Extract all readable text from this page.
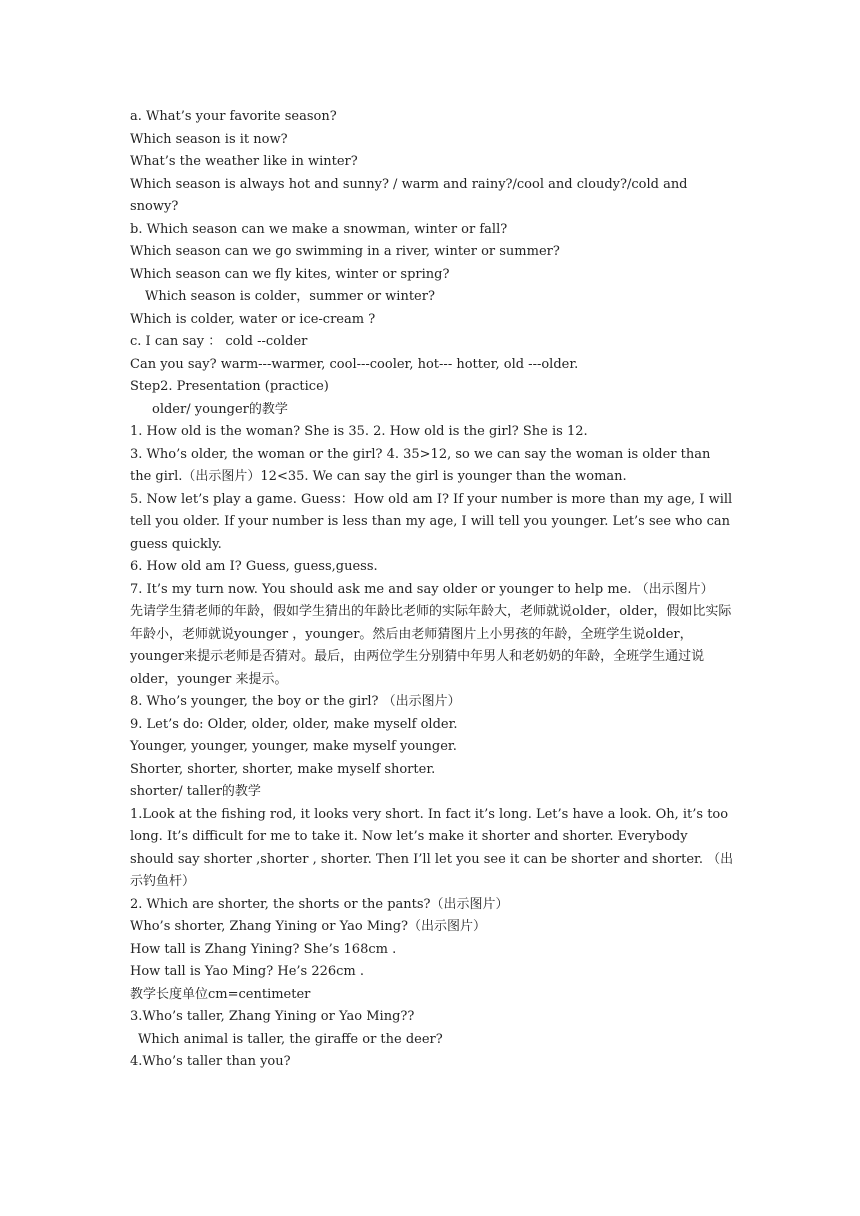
a. What’s your favorite season?

Which season is it now?

What’s the weather like in winter?

Which season is always hot and sunny? / warm and rainy?/cool and cloudy?/cold and snowy?

b. Which season can we make a snowman, winter or fall?

Which season can we go swimming in a river, winter or summer?

Which season can we fly kites, winter or spring?

Which season is colder，summer or winter?

Which is colder, water or ice-cream ?

c. I can say ： cold --colder

Can you say? warm---warmer, cool---cooler, hot--- hotter, old ---older.

Step2. Presentation (practice)

older/ younger的教学

1. How old is the woman? She is 35. 2. How old is the girl? She is 12.

3. Who’s older, the woman or the girl? 4. 35>12, so we can say the woman is older than the girl.（出示图片）12<35. We can say the girl is younger than the woman.

5. Now let’s play a game. Guess：How old am I? If your number is more than my age, I will tell you older. If your number is less than my age, I will tell you younger. Let’s see who can guess quickly.

6. How old am I? Guess, guess,guess.

7. It’s my turn now. You should ask me and say older or younger to help me. （出示图片）

先请学生猜老师的年龄，假如学生猜出的年龄比老师的实际年龄大，老师就说older，older，假如比实际年龄小，老师就说younger ，younger。然后由老师猜图片上小男孩的年龄，全班学生说older，younger来提示老师是否猜对。最后，由两位学生分别猜中年男人和老奶奶的年龄，全班学生通过说older，younger 来提示。

8. Who’s younger, the boy or the girl? （出示图片）

9. Let’s do: Older, older, older, make myself older.

Younger, younger, younger, make myself younger.

Shorter, shorter, shorter, make myself shorter.

shorter/ taller的教学

1.Look at the fishing rod, it looks very short. In fact it’s long. Let’s have a look. Oh, it’s too long. It’s difficult for me to take it. Now let’s make it shorter and shorter. Everybody should say shorter ,shorter , shorter. Then I’ll let you see it can be shorter and shorter. （出示钓鱼杆）

2. Which are shorter, the shorts or the pants?（出示图片）

Who’s shorter, Zhang Yining or Yao Ming?（出示图片）

How tall is Zhang Yining? She’s 168cm .

How tall is Yao Ming? He’s 226cm .

教学长度单位cm=centimeter

3.Who’s taller, Zhang Yining or Yao Ming??

Which animal is taller, the giraffe or the deer?

4.Who’s taller than you?
